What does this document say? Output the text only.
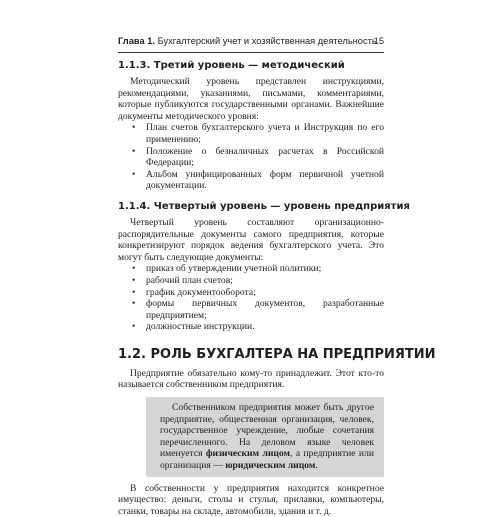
Глава 1. Бухгалтерский учет и хозяйственная деятельность
15
1.1.3. Третий уровень — методический

Методический уровень представлен инструкциями, рекомендациями, указаниями, письмами, комментариями, которые публикуются государственными органами. Важнейшие документы методического уровня:

• План счетов бухгалтерского учета и Инструкция по его применению;
• Положение о безналичных расчетах в Российской Федерации;
• Альбом унифицированных форм первичной учетной документации.
1.1.4. Четвертый уровень — уровень предприятия

Четвертый уровень составляют организационно-распорядительные документы самого предприятия, которые конкретизируют порядок ведения бухгалтерского учета. Это могут быть следующие документы:

• приказ об утверждении учетной политики;
• рабочий план счетов;
• график документооборота;
• формы первичных документов, разработанные предприятием;
• должностные инструкции.
1.2. РОЛЬ БУХГАЛТЕРА НА ПРЕДПРИЯТИИ

Предприятие обязательно кому-то принадлежит. Этот кто-то называется собственником предприятия.

Собственником предприятия может быть другое предприятие, общественная организация, человек, государственное учреждение, любые сочетания перечисленного. На деловом языке человек именуется физическим лицом, а предприятие или организация — юридическим лицом.

В собственности у предприятия находится конкретное имущество: деньги, столы и стулья, прилавки, компьютеры, станки, товары на складе, автомобили, здания и т. д.
